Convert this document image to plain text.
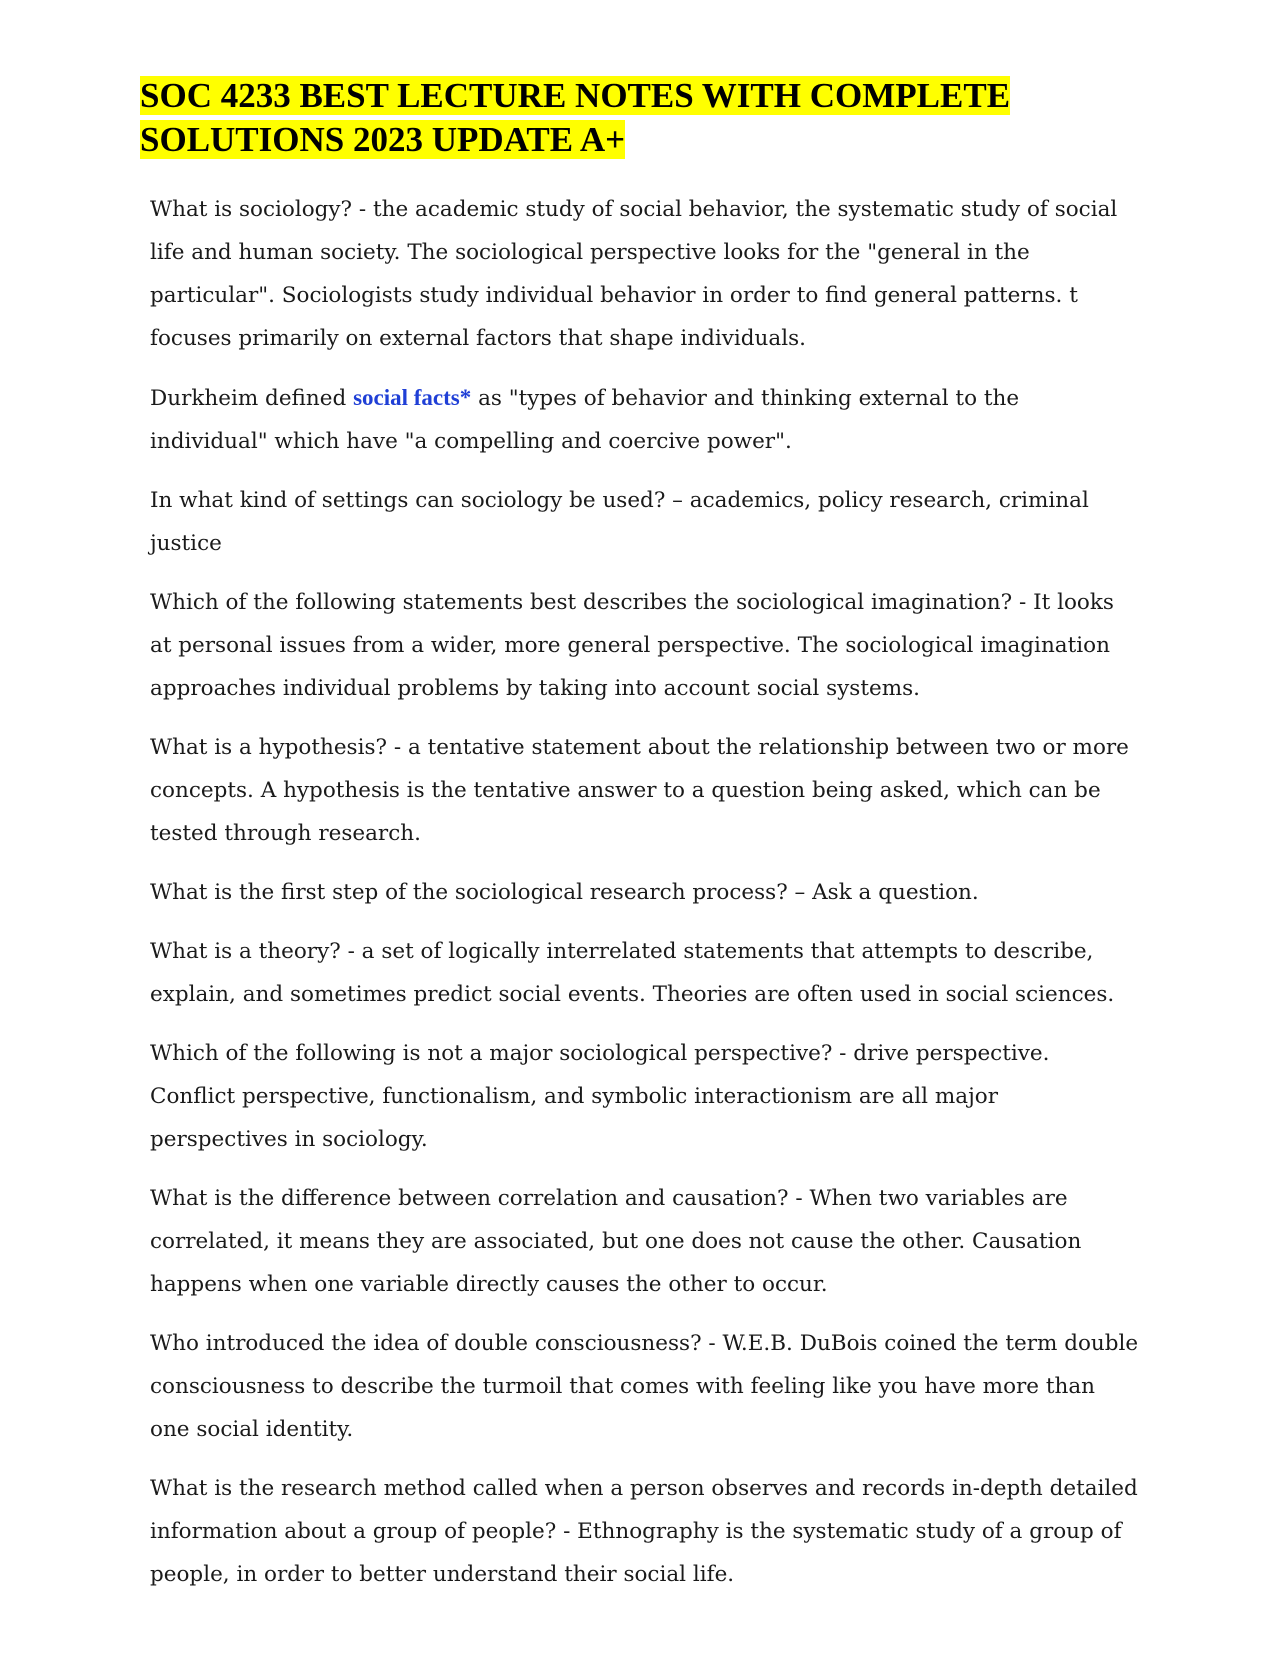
SOC 4233 BEST LECTURE NOTES WITH COMPLETE SOLUTIONS 2023 UPDATE A+

What is sociology? - the academic study of social behavior, the systematic study of social life and human society. The sociological perspective looks for the "general in the particular". Sociologists study individual behavior in order to find general patterns. t focuses primarily on external factors that shape individuals.

Durkheim defined social facts* as "types of behavior and thinking external to the individual" which have "a compelling and coercive power".

In what kind of settings can sociology be used? – academics, policy research, criminal justice

Which of the following statements best describes the sociological imagination? - It looks at personal issues from a wider, more general perspective. The sociological imagination approaches individual problems by taking into account social systems.

What is a hypothesis? - a tentative statement about the relationship between two or more concepts. A hypothesis is the tentative answer to a question being asked, which can be tested through research.

What is the first step of the sociological research process? – Ask a question.

What is a theory? - a set of logically interrelated statements that attempts to describe, explain, and sometimes predict social events. Theories are often used in social sciences.

Which of the following is not a major sociological perspective? - drive perspective. Conflict perspective, functionalism, and symbolic interactionism are all major perspectives in sociology.

What is the difference between correlation and causation? - When two variables are correlated, it means they are associated, but one does not cause the other. Causation happens when one variable directly causes the other to occur.

Who introduced the idea of double consciousness? - W.E.B. DuBois coined the term double consciousness to describe the turmoil that comes with feeling like you have more than one social identity.

What is the research method called when a person observes and records in-depth detailed information about a group of people? - Ethnography is the systematic study of a group of people, in order to better understand their social life.
